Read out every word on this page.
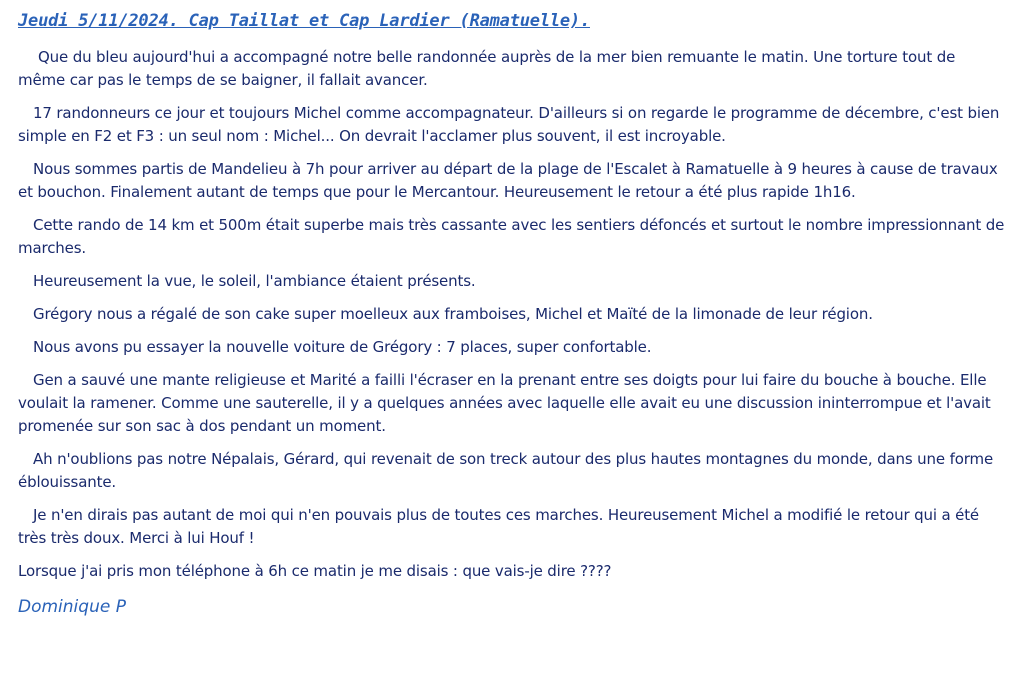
Jeudi 5/11/2024. Cap Taillat et Cap Lardier (Ramatuelle).

Que du bleu aujourd'hui a accompagné notre belle randonnée auprès de la mer bien remuante le matin. Une torture tout de même car pas le temps de se baigner, il fallait avancer.

17 randonneurs ce jour et toujours Michel comme accompagnateur. D'ailleurs si on regarde le programme de décembre, c'est bien simple en F2 et F3 : un seul nom : Michel... On devrait l'acclamer plus souvent, il est incroyable.

Nous sommes partis de Mandelieu à 7h pour arriver au départ de la plage de l'Escalet à Ramatuelle à 9 heures à cause de travaux et bouchon. Finalement autant de temps que pour le Mercantour. Heureusement le retour a été plus rapide 1h16.

Cette rando de 14 km et 500m était superbe mais très cassante avec les sentiers défoncés et surtout le nombre impressionnant de marches.

Heureusement la vue, le soleil, l'ambiance étaient présents.

Grégory nous a régalé de son cake super moelleux aux framboises, Michel et Maïté de la limonade de leur région.

Nous avons pu essayer la nouvelle voiture de Grégory : 7 places, super confortable.

Gen a sauvé une mante religieuse et Marité a failli l'écraser en la prenant entre ses doigts pour lui faire du bouche à bouche. Elle voulait la ramener. Comme une sauterelle, il y a quelques années avec laquelle elle avait eu une discussion ininterrompue et l'avait promenée sur son sac à dos pendant un moment.

Ah n'oublions pas notre Népalais, Gérard, qui revenait de son treck autour des plus hautes montagnes du monde, dans une forme éblouissante.

Je n'en dirais pas autant de moi qui n'en pouvais plus de toutes ces marches. Heureusement Michel a modifié le retour qui a été très très doux. Merci à lui Houf !

Lorsque j'ai pris mon téléphone à 6h ce matin je me disais : que vais-je dire ????

Dominique P
